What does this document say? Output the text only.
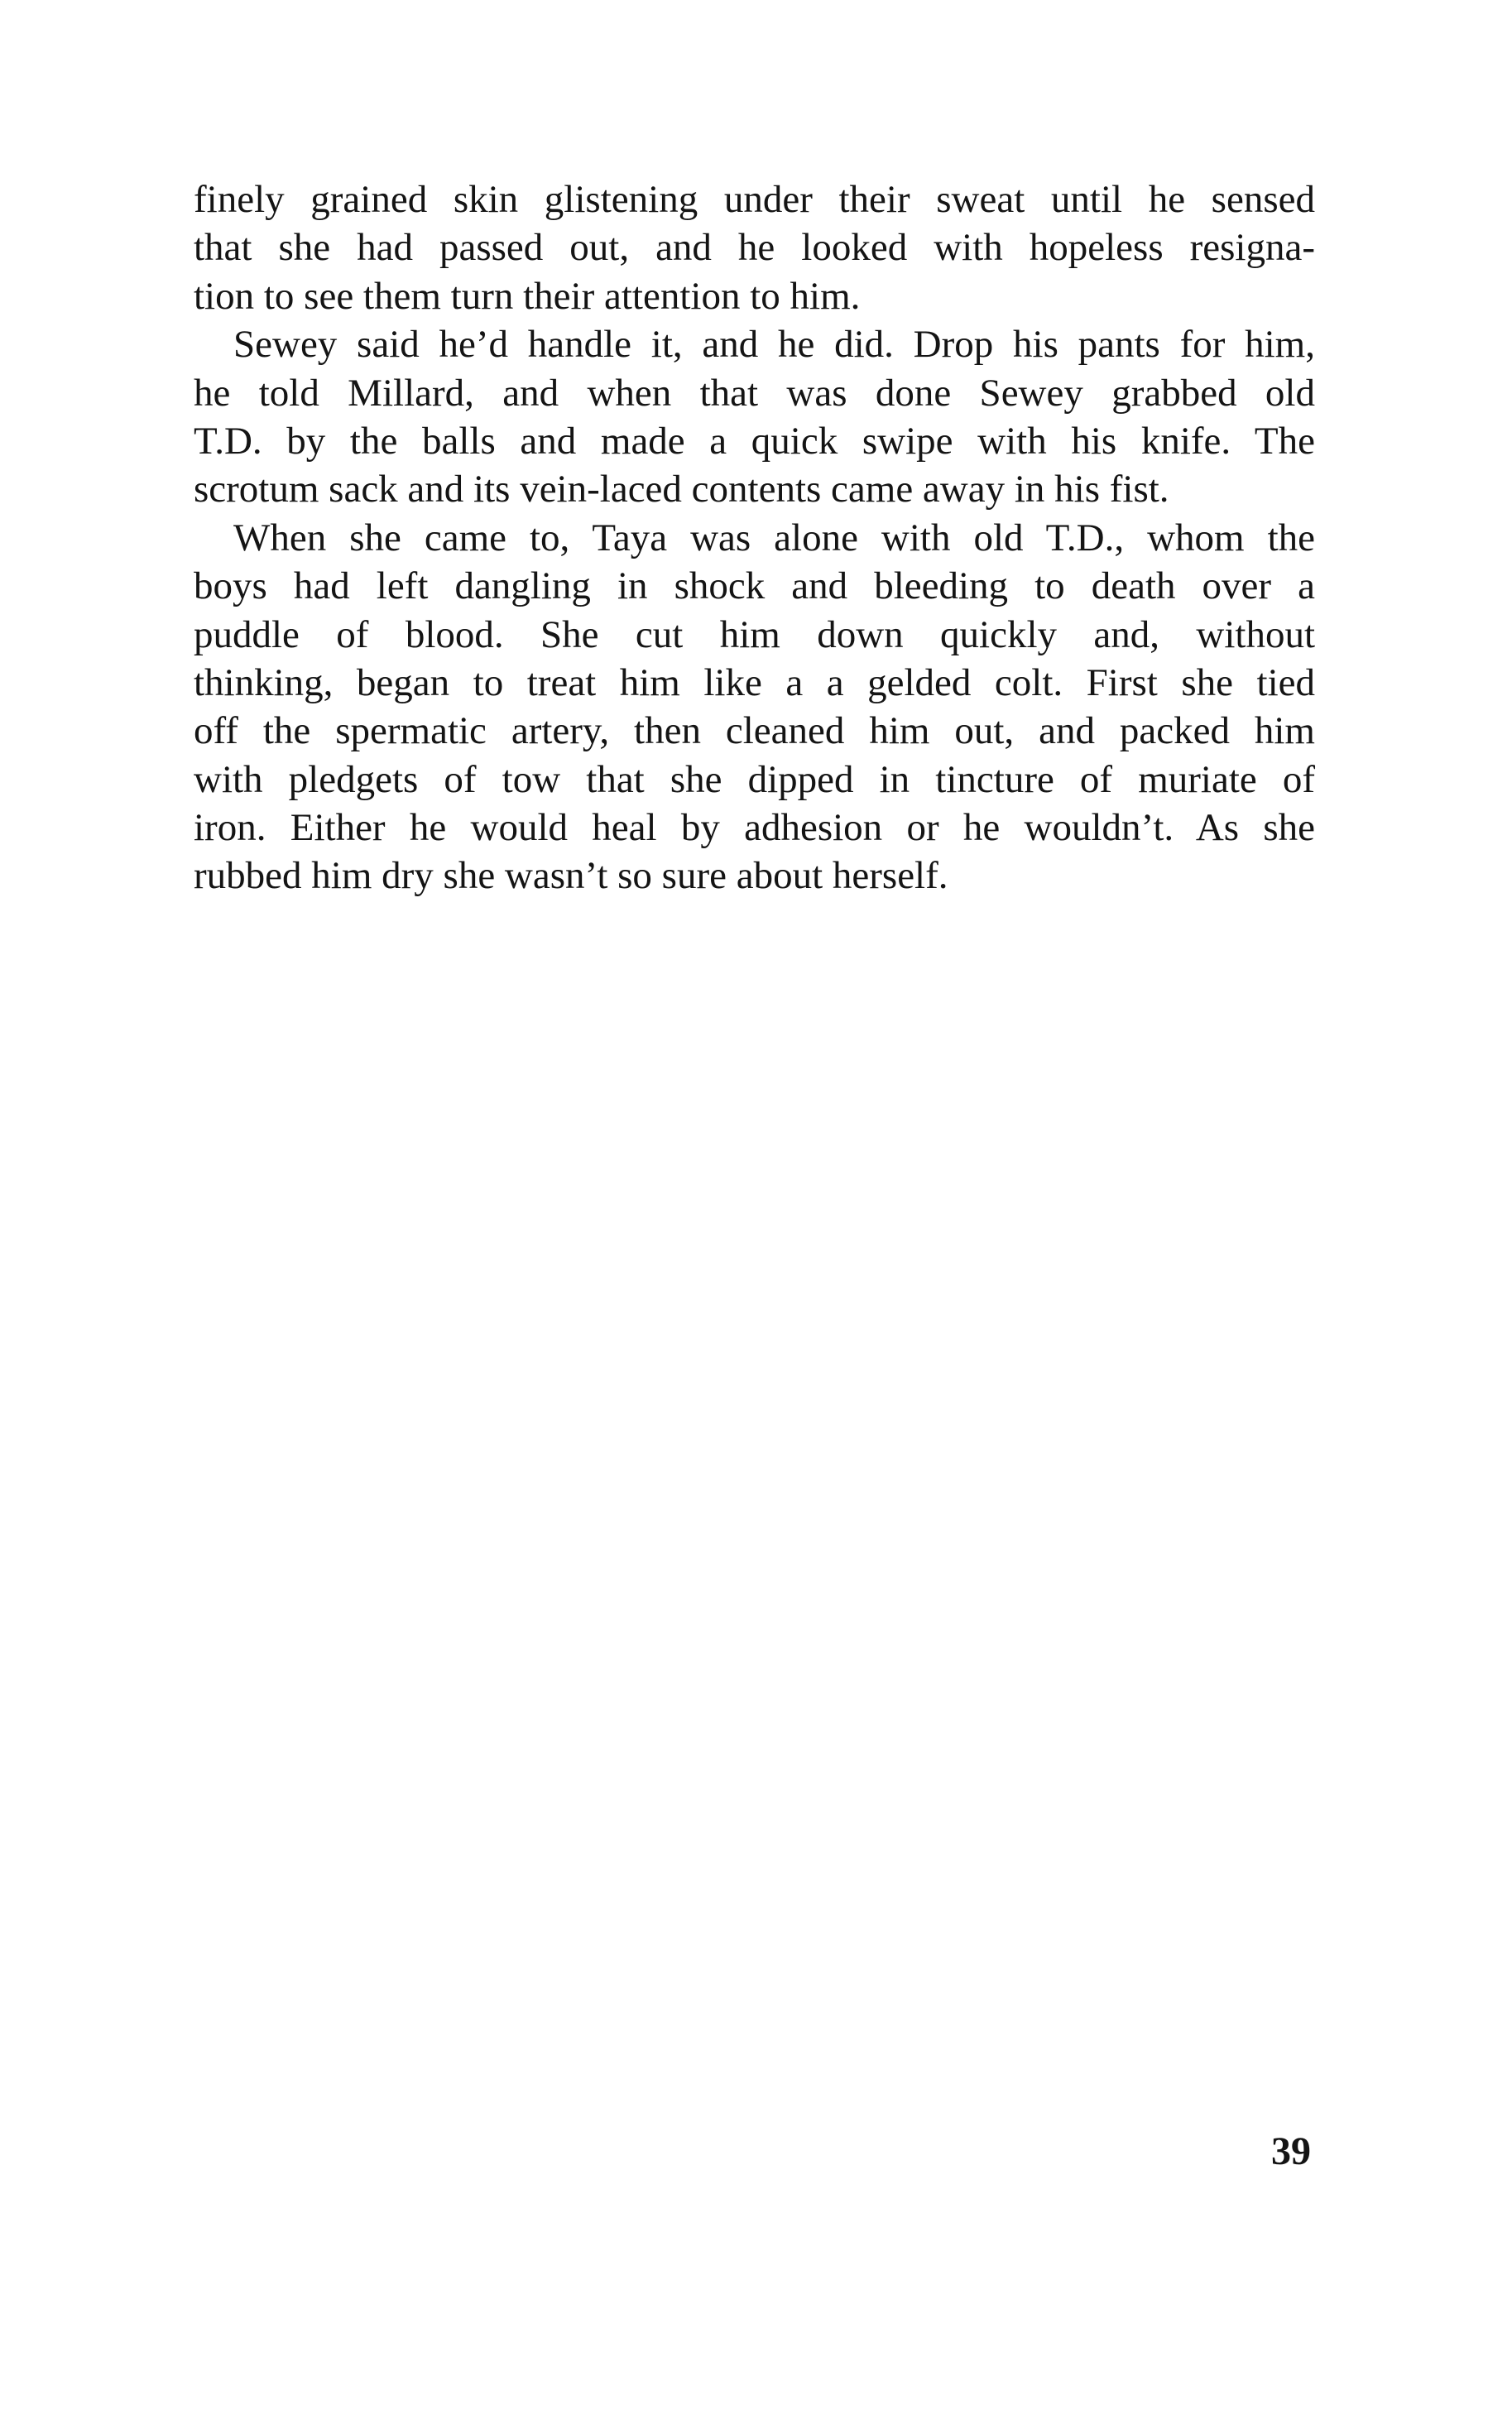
finely grained skin glistening under their sweat until he sensed
that she had passed out, and he looked with hopeless resigna-
tion to see them turn their attention to him.

Sewey said he’d handle it, and he did. Drop his pants for him,
he told Millard, and when that was done Sewey grabbed old
T.D. by the balls and made a quick swipe with his knife. The
scrotum sack and its vein-laced contents came away in his fist.

When she came to, Taya was alone with old T.D., whom the
boys had left dangling in shock and bleeding to death over a
puddle of blood. She cut him down quickly and, without
thinking, began to treat him like a a gelded colt. First she tied
off the spermatic artery, then cleaned him out, and packed him
with pledgets of tow that she dipped in tincture of muriate of
iron. Either he would heal by adhesion or he wouldn’t. As she
rubbed him dry she wasn’t so sure about herself.

39
